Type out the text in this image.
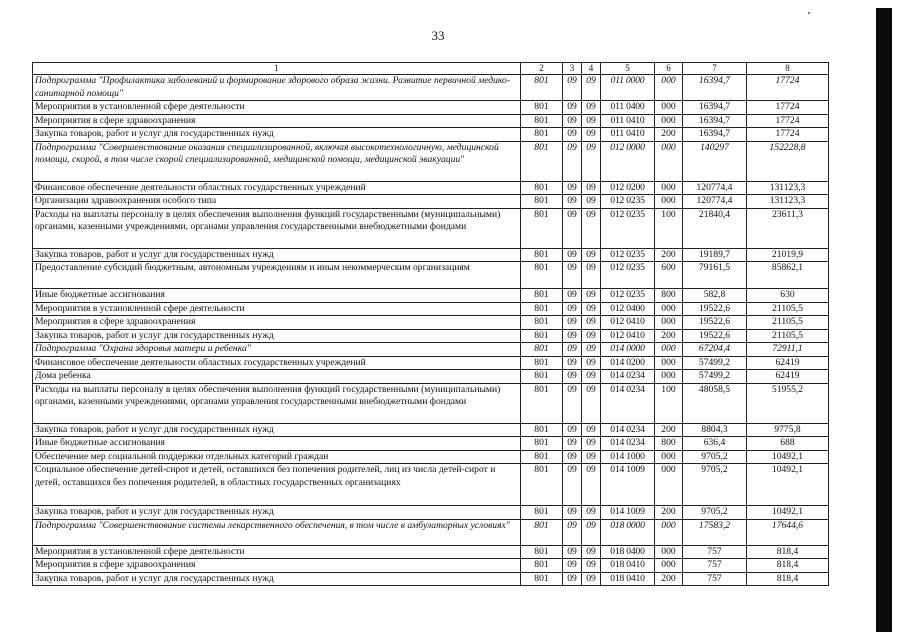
33
1	2	3	4	5	6	7	8
Подпрограмма "Профилактика заболеваний и формирование здорового образа жизни. Развитие первичной медико-санитарной помощи"	801	09	09	011 0000	000	16394,7	17724
Мероприятия в установленной сфере деятельности	801	09	09	011 0400	000	16394,7	17724
Мероприятия в сфере здравоохранения	801	09	09	011 0410	000	16394,7	17724
Закупка товаров, работ и услуг для государственных нужд	801	09	09	011 0410	200	16394,7	17724
Подпрограмма "Совершенствование оказания специализированной, включая высокотехнологичную, медицинской помощи, скорой, в том числе скорой специализированной, медицинской помощи, медицинской эвакуации"	801	09	09	012 0000	000	140297	152228,8
Финансовое обеспечение деятельности областных государственных учреждений	801	09	09	012 0200	000	120774,4	131123,3
Организации здравоохранения особого типа	801	09	09	012 0235	000	120774,4	131123,3
Расходы на выплаты персоналу в целях обеспечения выполнения функций государственными (муниципальными) органами, казенными учреждениями, органами управления государственными внебюджетными фондами	801	09	09	012 0235	100	21840,4	23611,3
Закупка товаров, работ и услуг для государственных нужд	801	09	09	012 0235	200	19189,7	21019,9
Предоставление субсидий бюджетным, автономным учреждениям и иным некоммерческим организациям	801	09	09	012 0235	600	79161,5	85862,1
Иные бюджетные ассигнования	801	09	09	012 0235	800	582,8	630
Мероприятия в установленной сфере деятельности	801	09	09	012 0400	000	19522,6	21105,5
Мероприятия в сфере здравоохранения	801	09	09	012 0410	000	19522,6	21105,5
Закупка товаров, работ и услуг для государственных нужд	801	09	09	012 0410	200	19522,6	21105,5
Подпрограмма "Охрана здоровья матери и ребенка"	801	09	09	014 0000	000	67204,4	72911,1
Финансовое обеспечение деятельности областных государственных учреждений	801	09	09	014 0200	000	57499,2	62419
Дома ребенка	801	09	09	014 0234	000	57499,2	62419
Расходы на выплаты персоналу в целях обеспечения выполнения функций государственными (муниципальными) органами, казенными учреждениями, органами управления государственными внебюджетными фондами	801	09	09	014 0234	100	48058,5	51955,2
Закупка товаров, работ и услуг для государственных нужд	801	09	09	014 0234	200	8804,3	9775,8
Иные бюджетные ассигнования	801	09	09	014 0234	800	636,4	688
Обеспечение мер социальной поддержки отдельных категорий граждан	801	09	09	014 1000	000	9705,2	10492,1
Социальное обеспечение детей-сирот и детей, оставшихся без попечения родителей, лиц из числа детей-сирот и детей, оставшихся без попечения родителей, в областных государственных организациях	801	09	09	014 1009	000	9705,2	10492,1
Закупка товаров, работ и услуг для государственных нужд	801	09	09	014 1009	200	9705,2	10492,1
Подпрограмма "Совершенствование системы лекарственного обеспечения, в том числе в амбулаторных условиях"	801	09	09	018 0000	000	17583,2	17644,6
Мероприятия в установленной сфере деятельности	801	09	09	018 0400	000	757	818,4
Мероприятия в сфере здравоохранения	801	09	09	018 0410	000	757	818,4
Закупка товаров, работ и услуг для государственных нужд	801	09	09	018 0410	200	757	818,4
